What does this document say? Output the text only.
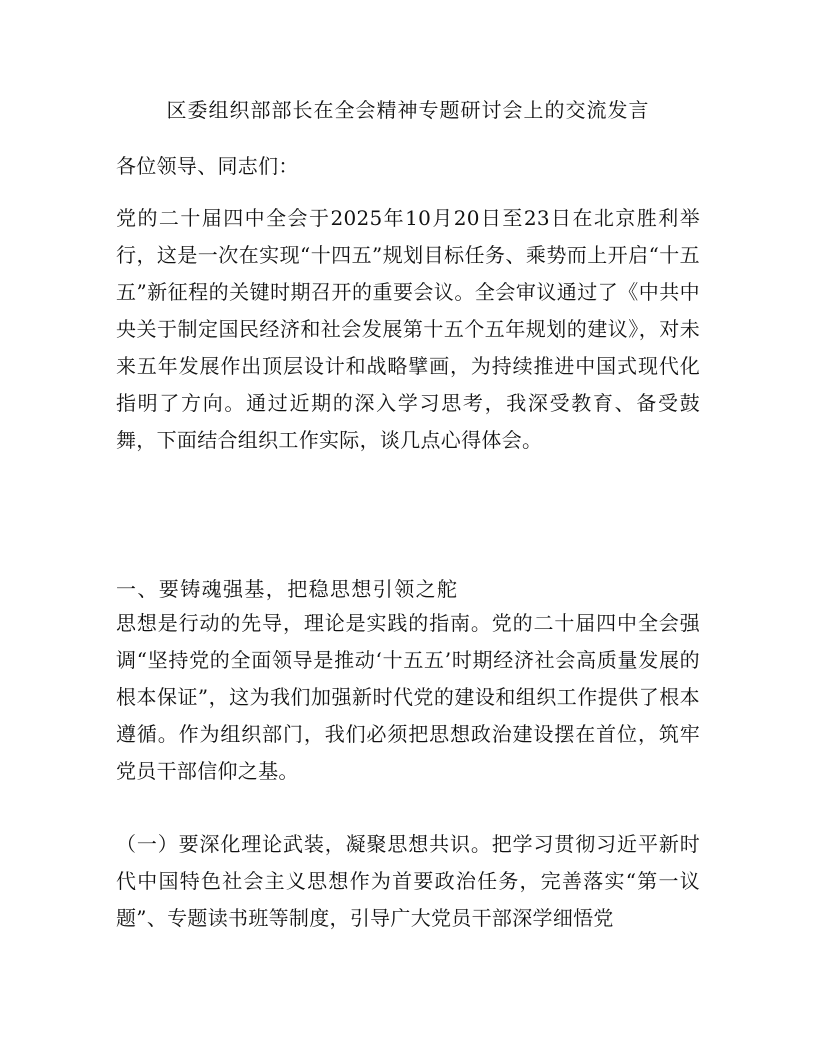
区委组织部部长在全会精神专题研讨会上的交流发言
各位领导、同志们：
党的二十届四中全会于2025年10月20日至23日在北京胜利举行，这是一次在实现“十四五”规划目标任务、乘势而上开启“十五五”新征程的关键时期召开的重要会议。全会审议通过了《中共中央关于制定国民经济和社会发展第十五个五年规划的建议》，对未来五年发展作出顶层设计和战略擘画，为持续推进中国式现代化指明了方向。通过近期的深入学习思考，我深受教育、备受鼓舞，下面结合组织工作实际，谈几点心得体会。
一、要铸魂强基，把稳思想引领之舵
思想是行动的先导，理论是实践的指南。党的二十届四中全会强调“坚持党的全面领导是推动‘十五五’时期经济社会高质量发展的根本保证”，这为我们加强新时代党的建设和组织工作提供了根本遵循。作为组织部门，我们必须把思想政治建设摆在首位，筑牢党员干部信仰之基。
（一）要深化理论武装，凝聚思想共识。把学习贯彻习近平新时代中国特色社会主义思想作为首要政治任务，完善落实“第一议题”、专题读书班等制度，引导广大党员干部深学细悟党
